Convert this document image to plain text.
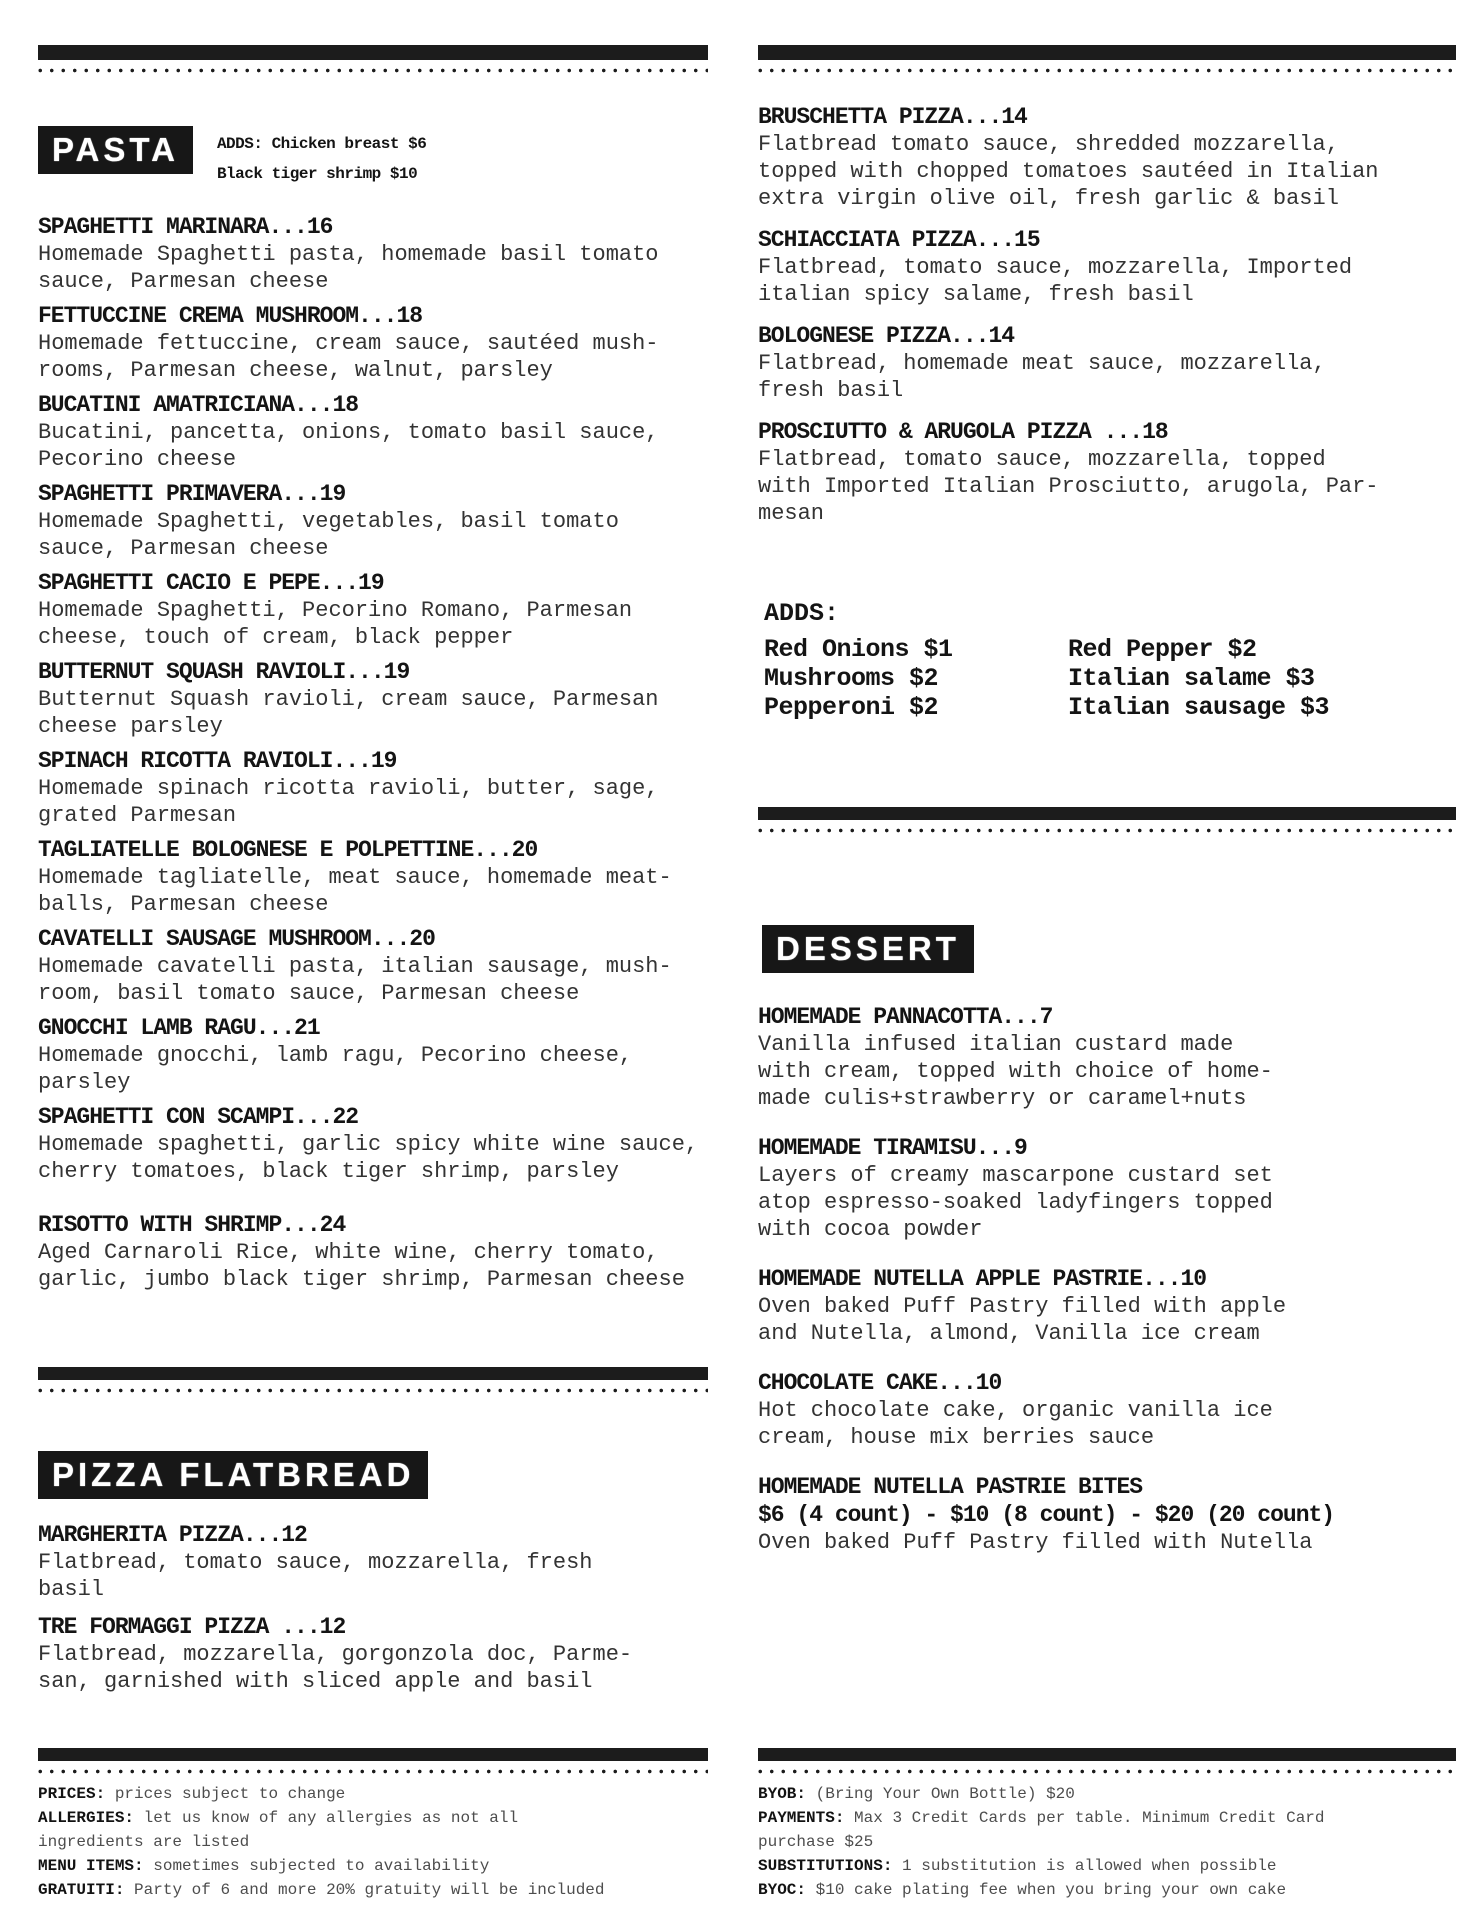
PASTA ADDS: Chicken breast $6
Black tiger shrimp $10
SPAGHETTI MARINARA...16
Homemade Spaghetti pasta, homemade basil tomato
sauce, Parmesan cheese
FETTUCCINE CREMA MUSHROOM...18
Homemade fettuccine, cream sauce, sautéed mush-
rooms, Parmesan cheese, walnut, parsley
BUCATINI AMATRICIANA...18
Bucatini, pancetta, onions, tomato basil sauce,
Pecorino cheese
SPAGHETTI PRIMAVERA...19
Homemade Spaghetti, vegetables, basil tomato
sauce, Parmesan cheese
SPAGHETTI CACIO E PEPE...19
Homemade Spaghetti, Pecorino Romano, Parmesan
cheese, touch of cream, black pepper
BUTTERNUT SQUASH RAVIOLI...19
Butternut Squash ravioli, cream sauce, Parmesan
cheese parsley
SPINACH RICOTTA RAVIOLI...19
Homemade spinach ricotta ravioli, butter, sage,
grated Parmesan
TAGLIATELLE BOLOGNESE E POLPETTINE...20
Homemade tagliatelle, meat sauce, homemade meat-
balls, Parmesan cheese
CAVATELLI SAUSAGE MUSHROOM...20
Homemade cavatelli pasta, italian sausage, mush-
room, basil tomato sauce, Parmesan cheese
GNOCCHI LAMB RAGU...21
Homemade gnocchi, lamb ragu, Pecorino cheese,
parsley
SPAGHETTI CON SCAMPI...22
Homemade spaghetti, garlic spicy white wine sauce,
cherry tomatoes, black tiger shrimp, parsley
RISOTTO WITH SHRIMP...24
Aged Carnaroli Rice, white wine, cherry tomato,
garlic, jumbo black tiger shrimp, Parmesan cheese
PIZZA FLATBREAD
MARGHERITA PIZZA...12
Flatbread, tomato sauce, mozzarella, fresh
basil
TRE FORMAGGI PIZZA ...12
Flatbread, mozzarella, gorgonzola doc, Parme-
san, garnished with sliced apple and basil
BRUSCHETTA PIZZA...14
Flatbread tomato sauce, shredded mozzarella,
topped with chopped tomatoes sautéed in Italian
extra virgin olive oil, fresh garlic & basil
SCHIACCIATA PIZZA...15
Flatbread, tomato sauce, mozzarella, Imported
italian spicy salame, fresh basil
BOLOGNESE PIZZA...14
Flatbread, homemade meat sauce, mozzarella,
fresh basil
PROSCIUTTO & ARUGOLA PIZZA ...18
Flatbread, tomato sauce, mozzarella, topped
with Imported Italian Prosciutto, arugola, Par-
mesan
ADDS:
Red Onions $1
Mushrooms $2
Pepperoni $2
Red Pepper $2
Italian salame $3
Italian sausage $3
DESSERT
HOMEMADE PANNACOTTA...7
Vanilla infused italian custard made
with cream, topped with choice of home-
made culis+strawberry or caramel+nuts
HOMEMADE TIRAMISU...9
Layers of creamy mascarpone custard set
atop espresso-soaked ladyfingers topped
with cocoa powder
HOMEMADE NUTELLA APPLE PASTRIE...10
Oven baked Puff Pastry filled with apple
and Nutella, almond, Vanilla ice cream
CHOCOLATE CAKE...10
Hot chocolate cake, organic vanilla ice
cream, house mix berries sauce
HOMEMADE NUTELLA PASTRIE BITES
$6 (4 count) - $10 (8 count) - $20 (20 count)
Oven baked Puff Pastry filled with Nutella
PRICES: prices subject to change
ALLERGIES: let us know of any allergies as not all
ingredients are listed
MENU ITEMS: sometimes subjected to availability
GRATUITI: Party of 6 and more 20% gratuity will be included
BYOB: (Bring Your Own Bottle) $20
PAYMENTS: Max 3 Credit Cards per table. Minimum Credit Card
purchase $25
SUBSTITUTIONS: 1 substitution is allowed when possible
BYOC: $10 cake plating fee when you bring your own cake
